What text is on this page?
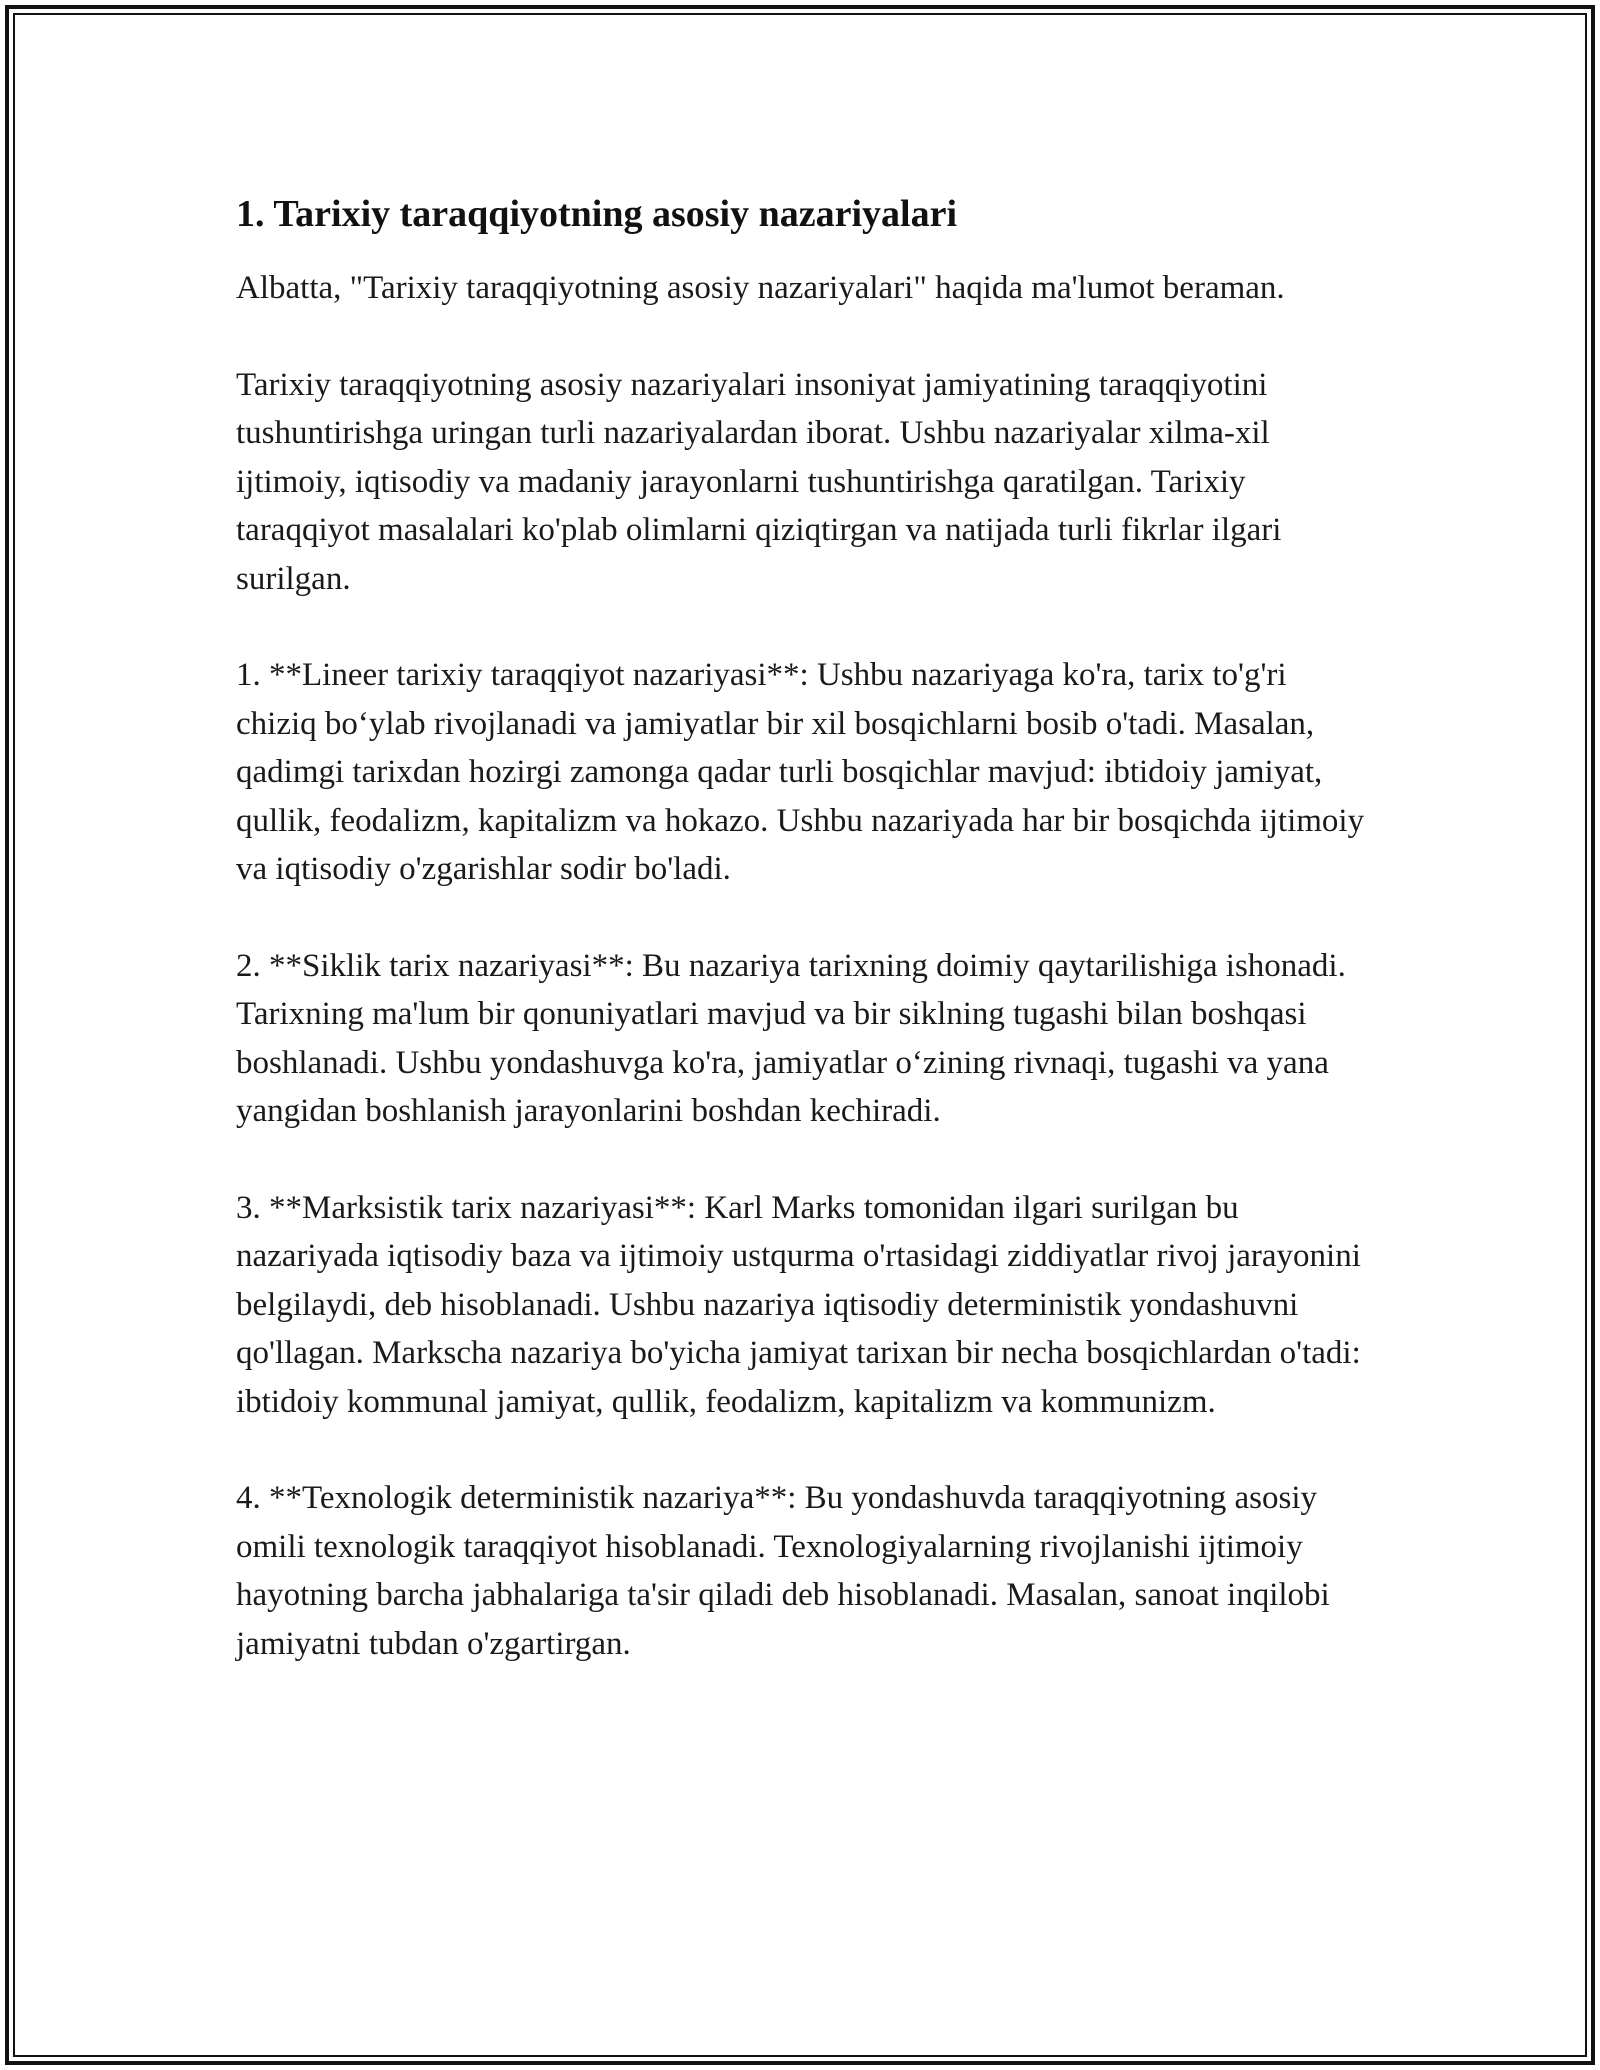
1. Tarixiy taraqqiyotning asosiy nazariyalari

Albatta, "Tarixiy taraqqiyotning asosiy nazariyalari" haqida ma'lumot beraman.

Tarixiy taraqqiyotning asosiy nazariyalari insoniyat jamiyatining taraqqiyotini tushuntirishga uringan turli nazariyalardan iborat. Ushbu nazariyalar xilma-xil ijtimoiy, iqtisodiy va madaniy jarayonlarni tushuntirishga qaratilgan. Tarixiy taraqqiyot masalalari ko'plab olimlarni qiziqtirgan va natijada turli fikrlar ilgari surilgan.

1. **Lineer tarixiy taraqqiyot nazariyasi**: Ushbu nazariyaga ko'ra, tarix to'g'ri chiziq bo‘ylab rivojlanadi va jamiyatlar bir xil bosqichlarni bosib o'tadi. Masalan, qadimgi tarixdan hozirgi zamonga qadar turli bosqichlar mavjud: ibtidoiy jamiyat, qullik, feodalizm, kapitalizm va hokazo. Ushbu nazariyada har bir bosqichda ijtimoiy va iqtisodiy o'zgarishlar sodir bo'ladi.

2. **Siklik tarix nazariyasi**: Bu nazariya tarixning doimiy qaytarilishiga ishonadi. Tarixning ma'lum bir qonuniyatlari mavjud va bir siklning tugashi bilan boshqasi boshlanadi. Ushbu yondashuvga ko'ra, jamiyatlar o‘zining rivnaqi, tugashi va yana yangidan boshlanish jarayonlarini boshdan kechiradi.

3. **Marksistik tarix nazariyasi**: Karl Marks tomonidan ilgari surilgan bu nazariyada iqtisodiy baza va ijtimoiy ustqurma o'rtasidagi ziddiyatlar rivoj jarayonini belgilaydi, deb hisoblanadi. Ushbu nazariya iqtisodiy deterministik yondashuvni qo'llagan. Markscha nazariya bo'yicha jamiyat tarixan bir necha bosqichlardan o'tadi: ibtidoiy kommunal jamiyat, qullik, feodalizm, kapitalizm va kommunizm.

4. **Texnologik deterministik nazariya**: Bu yondashuvda taraqqiyotning asosiy omili texnologik taraqqiyot hisoblanadi. Texnologiyalarning rivojlanishi ijtimoiy hayotning barcha jabhalariga ta'sir qiladi deb hisoblanadi. Masalan, sanoat inqilobi jamiyatni tubdan o'zgartirgan.
